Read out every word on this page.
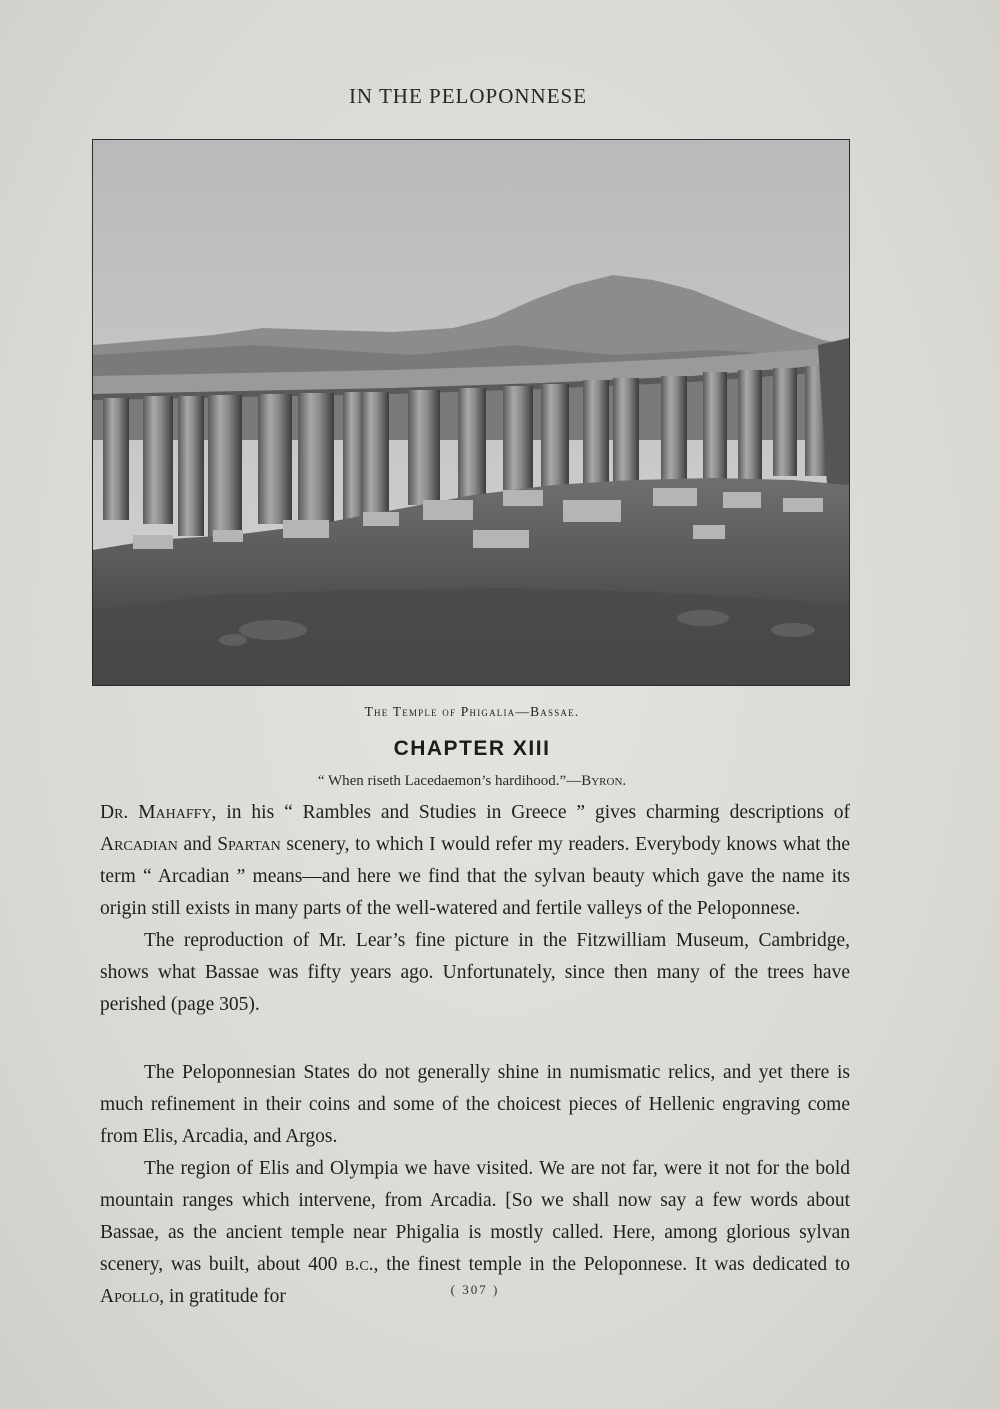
IN THE PELOPONNESE
The Temple of Phigalia—Bassae.
CHAPTER XIII
“ When riseth Lacedaemon’s hardihood.”—Byron.

Dr. Mahaffy, in his “ Rambles and Studies in Greece ” gives charming descriptions of Arcadian and Spartan scenery, to which I would refer my readers. Everybody knows what the term “ Arcadian ” means—and here we find that the sylvan beauty which gave the name its origin still exists in many parts of the well-watered and fertile valleys of the Peloponnese.

The reproduction of Mr. Lear’s fine picture in the Fitzwilliam Museum, Cambridge, shows what Bassae was fifty years ago. Unfortunately, since then many of the trees have perished (page 305).

The Peloponnesian States do not generally shine in numismatic relics, and yet there is much refinement in their coins and some of the choicest pieces of Hellenic engraving come from Elis, Arcadia, and Argos.

The region of Elis and Olympia we have visited. We are not far, were it not for the bold mountain ranges which intervene, from Arcadia. [So we shall now say a few words about Bassae, as the ancient temple near Phigalia is mostly called. Here, among glorious sylvan scenery, was built, about 400 b.c., the finest temple in the Peloponnese. It was dedicated to Apollo, in gratitude for	( 307 )
